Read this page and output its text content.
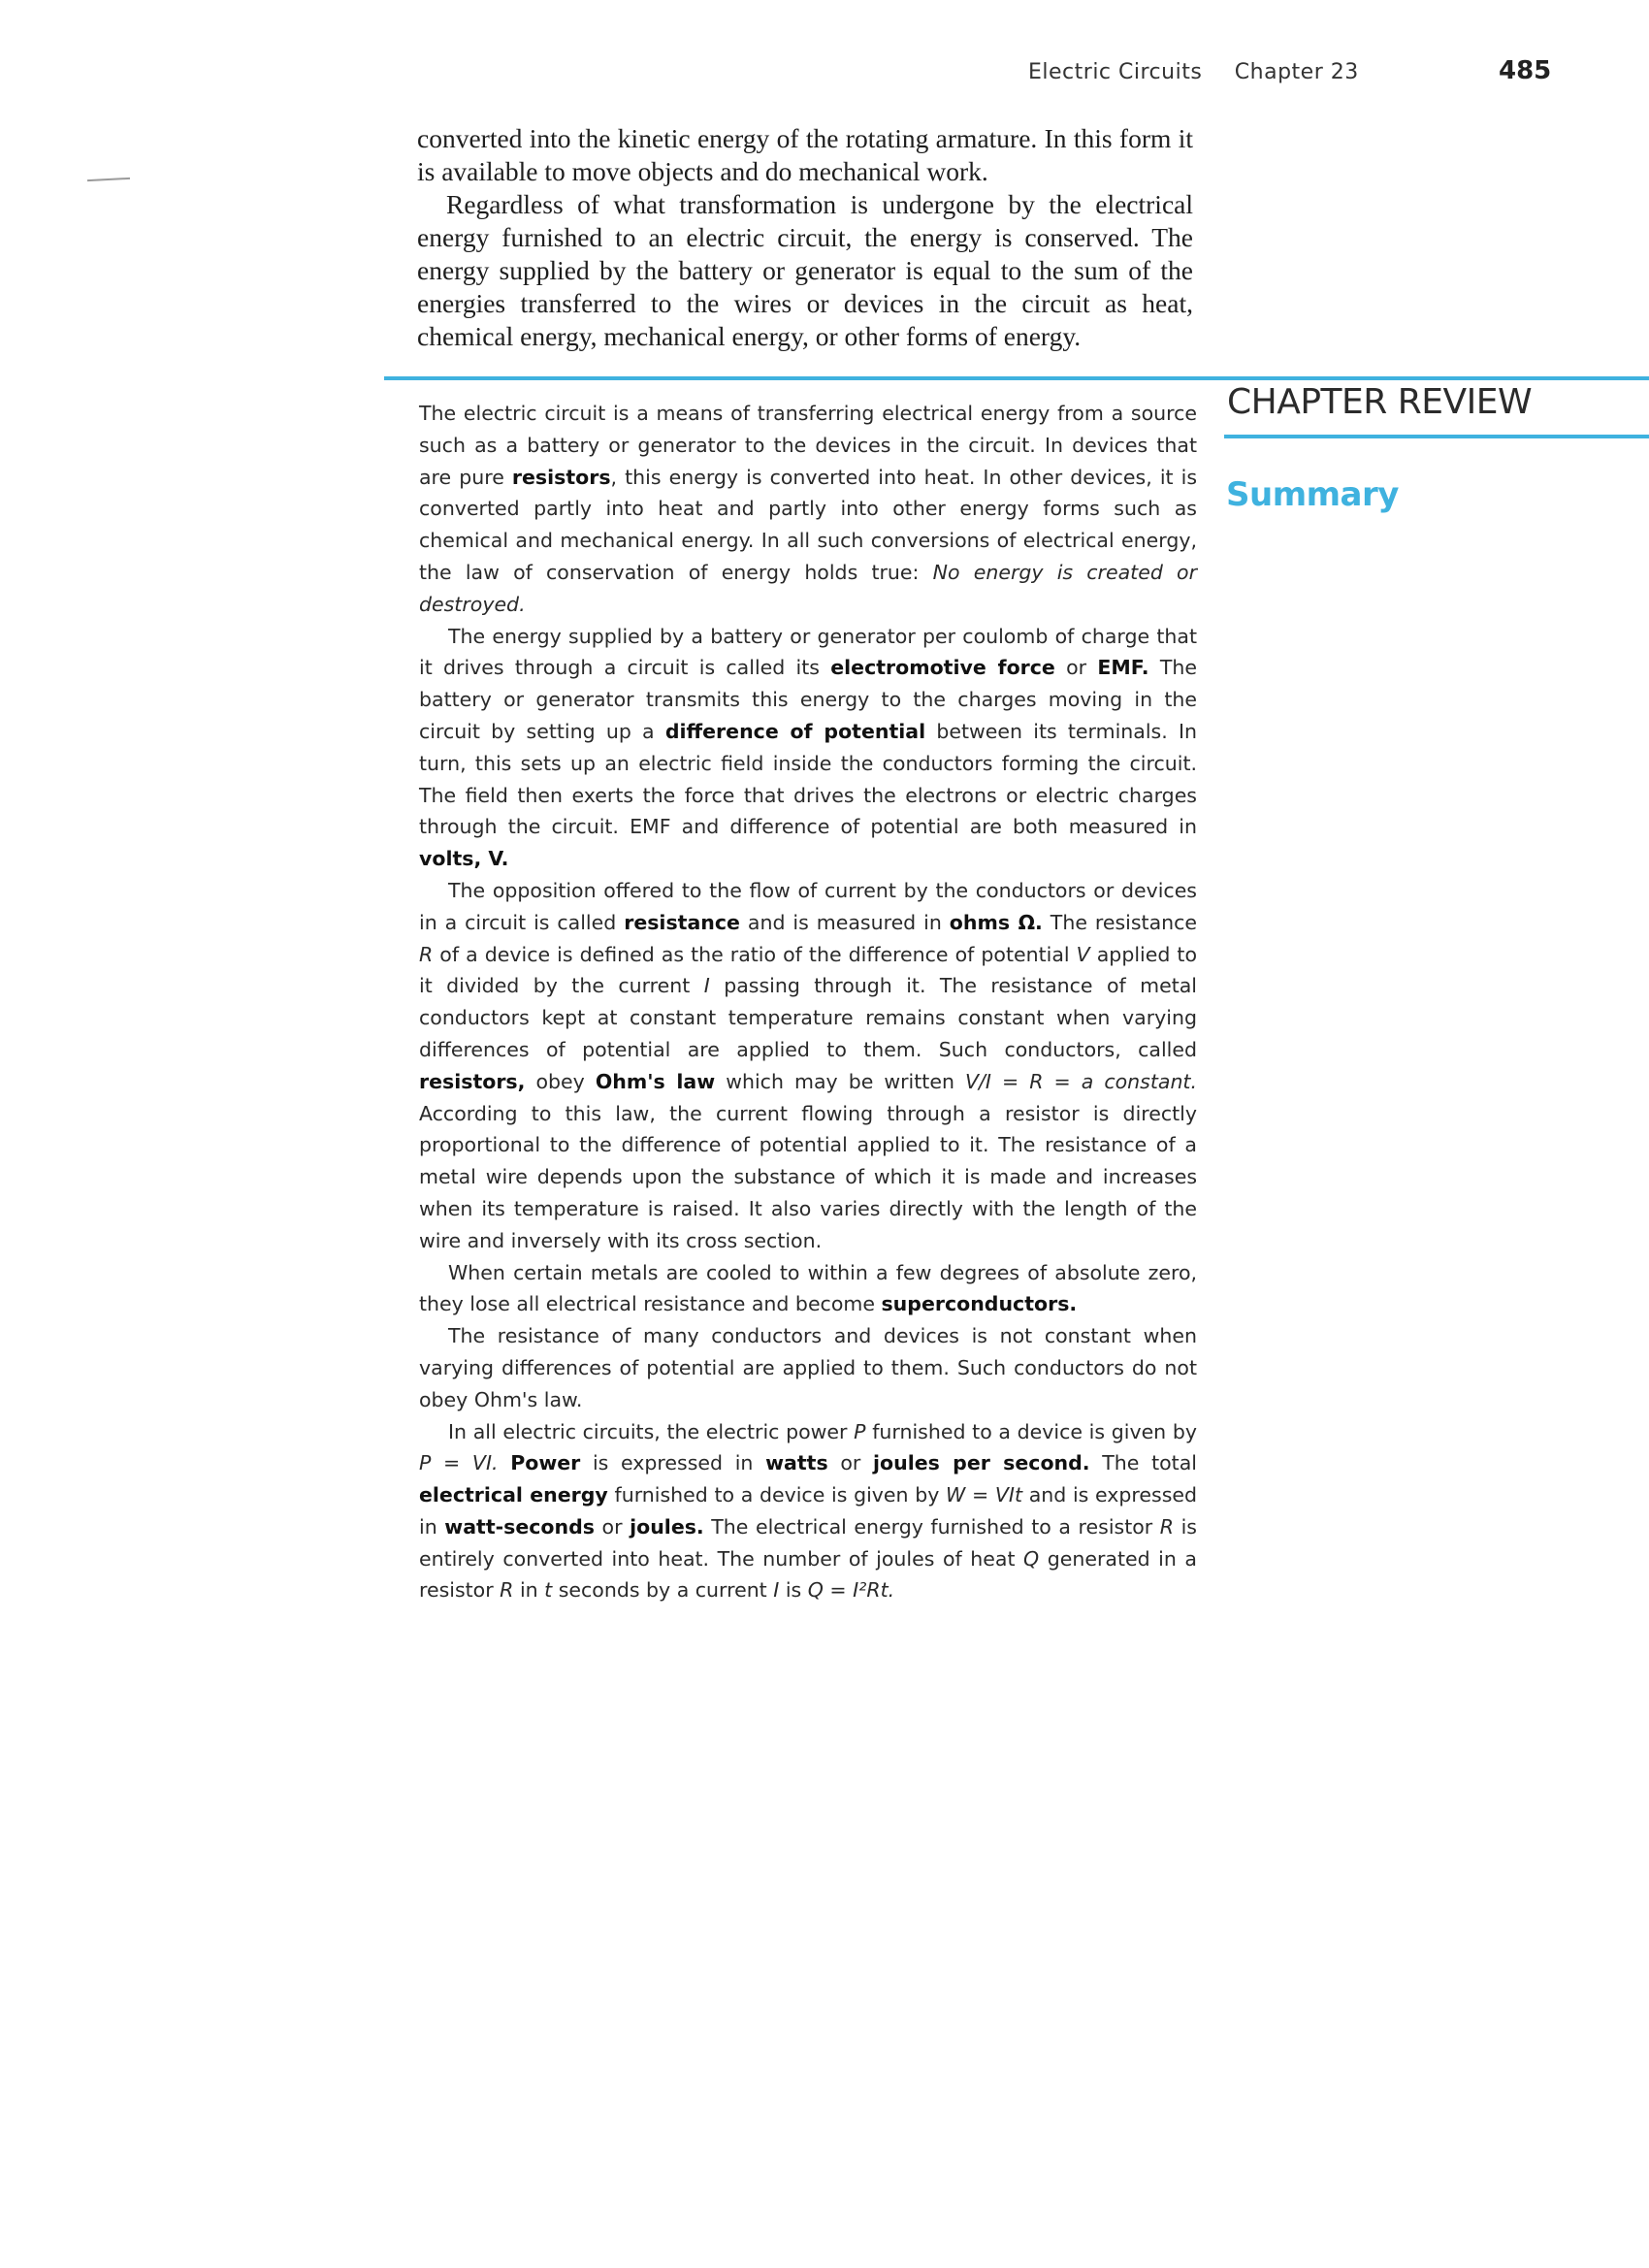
Electric Circuits Chapter 23	485

converted into the kinetic energy of the rotating armature. In this form it is available to move objects and do mechanical work.

Regardless of what transformation is undergone by the electrical energy furnished to an electric circuit, the energy is conserved. The energy supplied by the battery or generator is equal to the sum of the energies transferred to the wires or devices in the circuit as heat, chemical energy, mechanical energy, or other forms of energy.

CHAPTER REVIEW
Summary

The electric circuit is a means of transferring electrical energy from a source such as a battery or generator to the devices in the circuit. In devices that are pure resistors, this energy is converted into heat. In other devices, it is converted partly into heat and partly into other energy forms such as chemical and mechanical energy. In all such conversions of electrical energy, the law of conservation of energy holds true: No energy is created or destroyed.

The energy supplied by a battery or generator per coulomb of charge that it drives through a circuit is called its electromotive force or EMF. The battery or generator transmits this energy to the charges moving in the circuit by setting up a difference of potential between its terminals. In turn, this sets up an electric field inside the conductors forming the circuit. The field then exerts the force that drives the electrons or electric charges through the circuit. EMF and difference of potential are both measured in volts, V.

The opposition offered to the flow of current by the conductors or devices in a circuit is called resistance and is measured in ohms Ω. The resistance R of a device is defined as the ratio of the difference of potential V applied to it divided by the current I passing through it. The resistance of metal conductors kept at constant temperature remains constant when varying differences of potential are applied to them. Such conductors, called resistors, obey Ohm's law which may be written V/I = R = a constant. According to this law, the current flowing through a resistor is directly proportional to the difference of potential applied to it. The resistance of a metal wire depends upon the substance of which it is made and increases when its temperature is raised. It also varies directly with the length of the wire and inversely with its cross section.

When certain metals are cooled to within a few degrees of absolute zero, they lose all electrical resistance and become superconductors.

The resistance of many conductors and devices is not constant when varying differences of potential are applied to them. Such conductors do not obey Ohm's law.

In all electric circuits, the electric power P furnished to a device is given by P = VI. Power is expressed in watts or joules per second. The total electrical energy furnished to a device is given by W = VIt and is expressed in watt-seconds or joules. The electrical energy furnished to a resistor R is entirely converted into heat. The number of joules of heat Q generated in a resistor R in t seconds by a current I is Q = I²Rt.
